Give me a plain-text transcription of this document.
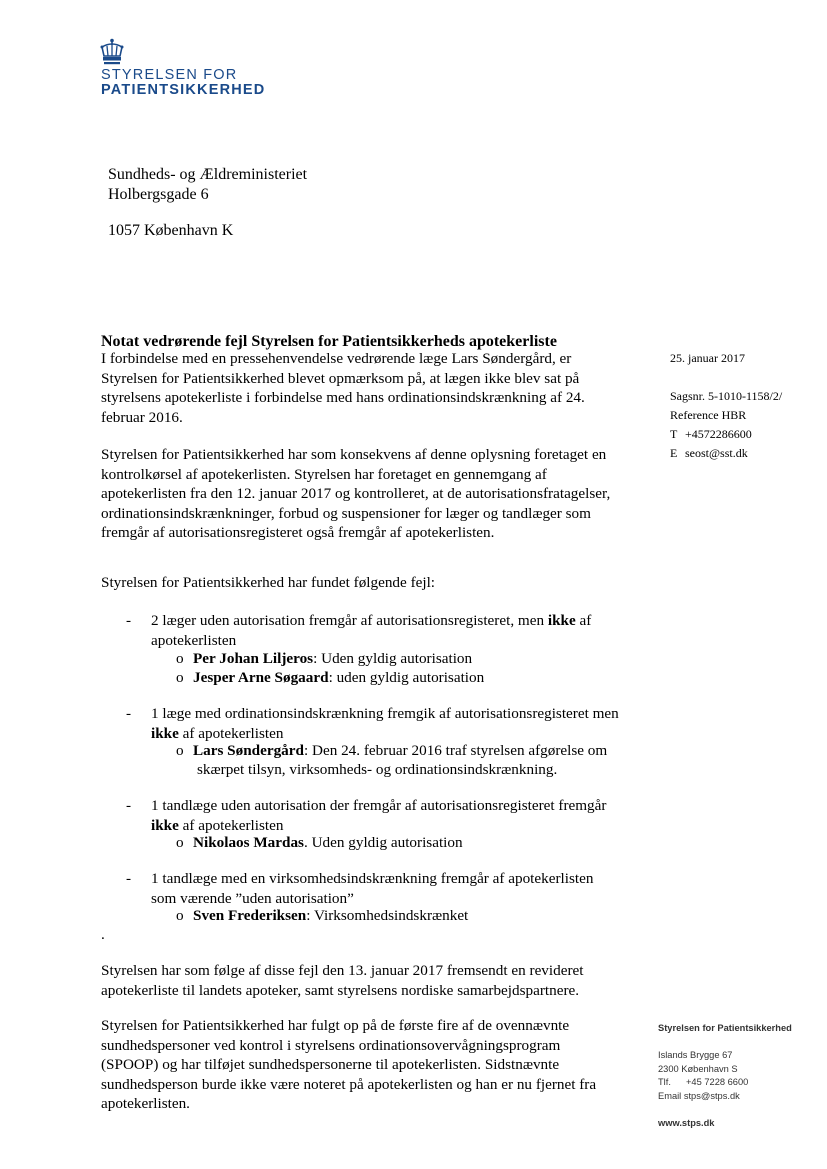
STYRELSEN FOR
PATIENTSIKKERHED
Sundheds- og Ældreministeriet
Holbergsgade 6
1057 København K
Notat vedrørende fejl Styrelsen for Patientsikkerheds apotekerliste
25. januar 2017
Sagsnr. 5-1010-1158/2/
Reference HBR
T +4572286600
E seost@sst.dk
I forbindelse med en pressehenvendelse vedrørende læge Lars Søndergård, er Styrelsen for Patientsikkerhed blevet opmærksom på, at lægen ikke blev sat på styrelsens apotekerliste i forbindelse med hans ordinationsindskrænkning af 24. februar 2016.
Styrelsen for Patientsikkerhed har som konsekvens af denne oplysning foretaget en kontrolkørsel af apotekerlisten. Styrelsen har foretaget en gennemgang af apotekerlisten fra den 12. januar 2017 og kontrolleret, at de autorisationsfratagelser, ordinationsindskrænkninger, forbud og suspensioner for læger og tandlæger som fremgår af autorisationsregisteret også fremgår af apotekerlisten.
Styrelsen for Patientsikkerhed har fundet følgende fejl:
- 2 læger uden autorisation fremgår af autorisationsregisteret, men ikke af apotekerlisten
o Per Johan Liljeros: Uden gyldig autorisation
o Jesper Arne Søgaard: uden gyldig autorisation
- 1 læge med ordinationsindskrænkning fremgik af autorisationsregisteret men ikke af apotekerlisten
o Lars Søndergård: Den 24. februar 2016 traf styrelsen afgørelse om
skærpet tilsyn, virksomheds- og ordinationsindskrænkning.
- 1 tandlæge uden autorisation der fremgår af autorisationsregisteret fremgår ikke af apotekerlisten
o Nikolaos Mardas. Uden gyldig autorisation
- 1 tandlæge med en virksomhedsindskrænkning fremgår af apotekerlisten som værende ”uden autorisation”
o Sven Frederiksen: Virksomhedsindskrænket
.
Styrelsen har som følge af disse fejl den 13. januar 2017 fremsendt en revideret apotekerliste til landets apoteker, samt styrelsens nordiske samarbejdspartnere.
Styrelsen for Patientsikkerhed har fulgt op på de første fire af de ovennævnte sundhedspersoner ved kontrol i styrelsens ordinationsovervågningsprogram (SPOOP) og har tilføjet sundhedspersonerne til apotekerlisten. Sidstnævnte sundhedsperson burde ikke være noteret på apotekerlisten og han er nu fjernet fra apotekerlisten.
Styrelsen for Patientsikkerhed
Islands Brygge 67
2300 København S
Tlf. +45 7228 6600
Email stps@stps.dk
www.stps.dk
